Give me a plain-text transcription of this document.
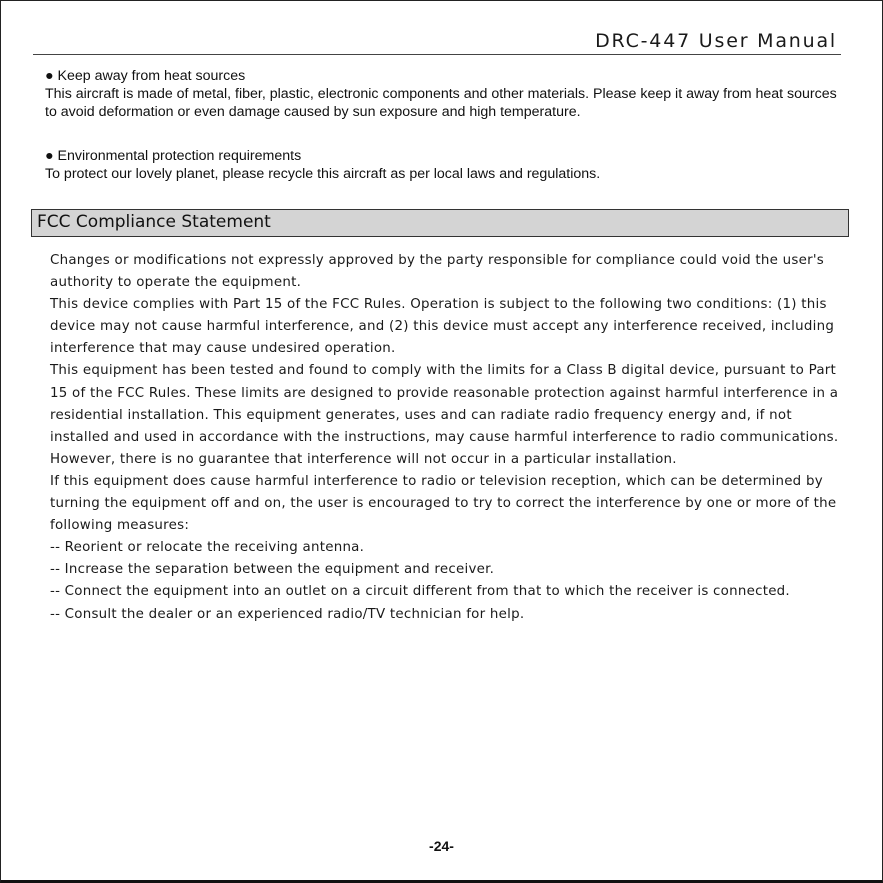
DRC-447 User Manual

● Keep away from heat sources

This aircraft is made of metal, fiber, plastic, electronic components and other materials. Please keep it away from heat sources to avoid deformation or even damage caused by sun exposure and high temperature.

● Environmental protection requirements

To protect our lovely planet, please recycle this aircraft as per local laws and regulations.

FCC Compliance Statement

Changes or modifications not expressly approved by the party responsible for compliance could void the user's authority to operate the equipment.

This device complies with Part 15 of the FCC Rules. Operation is subject to the following two conditions: (1) this device may not cause harmful interference, and (2) this device must accept any interference received, including interference that may cause undesired operation.

This equipment has been tested and found to comply with the limits for a Class B digital device, pursuant to Part 15 of the FCC Rules. These limits are designed to provide reasonable protection against harmful interference in a residential installation. This equipment generates, uses and can radiate radio frequency energy and, if not installed and used in accordance with the instructions, may cause harmful interference to radio communications. However, there is no guarantee that interference will not occur in a particular installation.

If this equipment does cause harmful interference to radio or television reception, which can be determined by turning the equipment off and on, the user is encouraged to try to correct the interference by one or more of the following measures:

-- Reorient or relocate the receiving antenna.

-- Increase the separation between the equipment and receiver.

-- Connect the equipment into an outlet on a circuit different from that to which the receiver is connected.

-- Consult the dealer or an experienced radio/TV technician for help.

-24-
